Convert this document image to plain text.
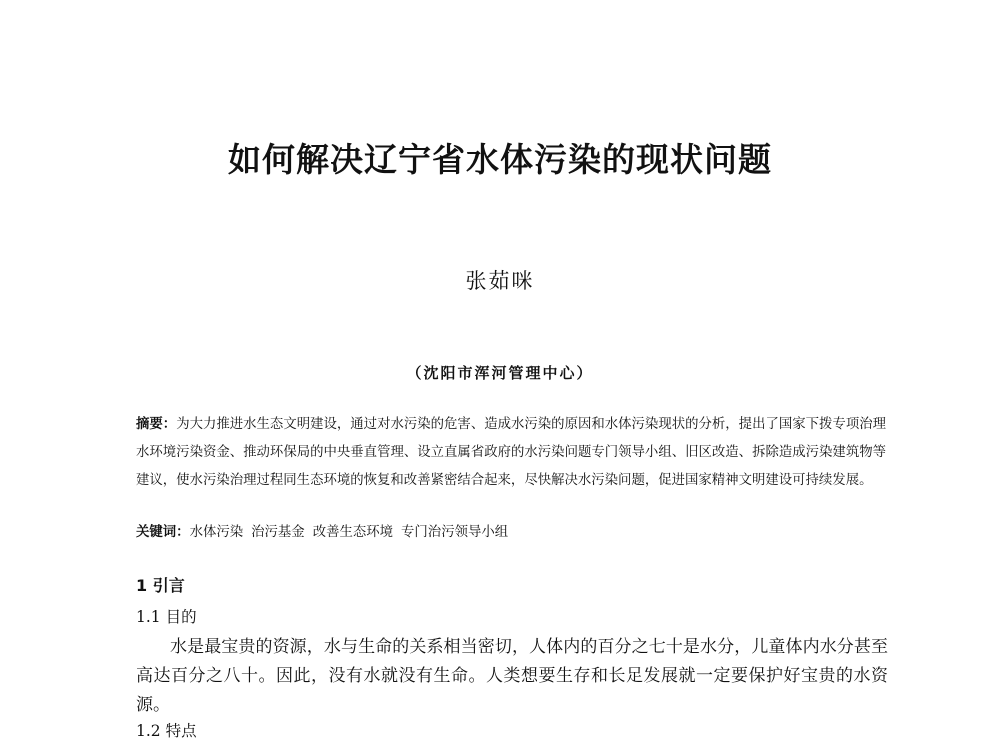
如何解决辽宁省水体污染的现状问题
张茹咪
（沈阳市浑河管理中心）

摘要：为大力推进水生态文明建设，通过对水污染的危害、造成水污染的原因和水体污染现状的分析，提出了国家下拨专项治理水环境污染资金、推动环保局的中央垂直管理、设立直属省政府的水污染问题专门领导小组、旧区改造、拆除造成污染建筑物等建议，使水污染治理过程同生态环境的恢复和改善紧密结合起来，尽快解决水污染问题，促进国家精神文明建设可持续发展。

关键词：水体污染 治污基金 改善生态环境 专门治污领导小组
1 引言
1.1 目的

水是最宝贵的资源，水与生命的关系相当密切，人体内的百分之七十是水分，儿童体内水分甚至高达百分之八十。因此，没有水就没有生命。人类想要生存和长足发展就一定要保护好宝贵的水资源。

1.2 特点
